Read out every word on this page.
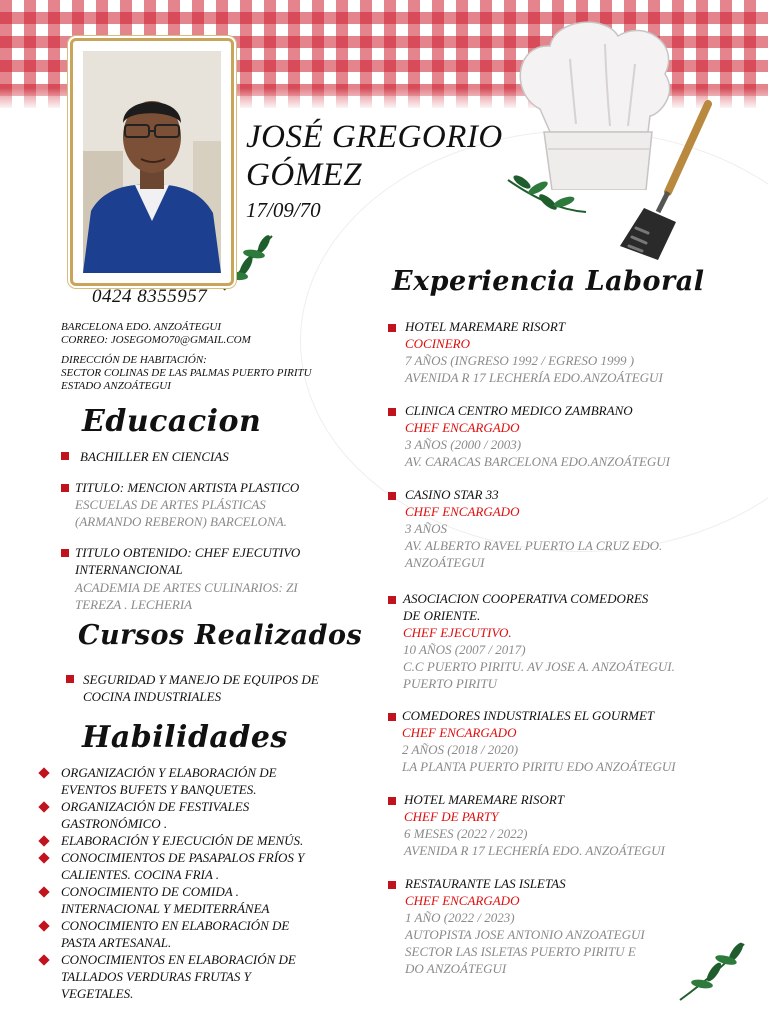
JOSÉ GREGORIO
GÓMEZ
17/09/70
0424 8355957
BARCELONA EDO. ANZOÁTEGUI
CORREO: JOSEGOMO70@GMAIL.COM
DIRECCIÓN DE HABITACIÓN:
SECTOR COLINAS DE LAS PALMAS PUERTO PIRITU
ESTADO ANZOÁTEGUI
Educacion
BACHILLER EN CIENCIAS
TITULO: MENCION ARTISTA PLASTICO
ESCUELAS DE ARTES PLÁSTICAS
(ARMANDO REBERON) BARCELONA.
TITULO OBTENIDO: CHEF EJECUTIVO
INTERNANCIONAL
ACADEMIA DE ARTES CULINARIOS: ZI
TEREZA . LECHERIA
Cursos Realizados
SEGURIDAD Y MANEJO DE EQUIPOS DE
COCINA INDUSTRIALES
Habilidades
ORGANIZACIÓN Y ELABORACIÓN DE
EVENTOS BUFETS Y BANQUETES.
ORGANIZACIÓN DE FESTIVALES
GASTRONÓMICO .
ELABORACIÓN Y EJECUCIÓN DE MENÚS.
CONOCIMIENTOS DE PASAPALOS FRÍOS Y
CALIENTES. COCINA FRIA .
CONOCIMIENTO DE COMIDA .
INTERNACIONAL Y MEDITERRÁNEA
CONOCIMIENTO EN ELABORACIÓN DE
PASTA ARTESANAL.
CONOCIMIENTOS EN ELABORACIÓN DE
TALLADOS VERDURAS FRUTAS Y
VEGETALES.
Experiencia Laboral
HOTEL MAREMARE RISORT
COCINERO
7 AÑOS (INGRESO 1992 / EGRESO 1999 )
AVENIDA R 17 LECHERÍA EDO.ANZOÁTEGUI
CLINICA CENTRO MEDICO ZAMBRANO
CHEF ENCARGADO
3 AÑOS (2000 / 2003)
AV. CARACAS BARCELONA EDO.ANZOÁTEGUI
CASINO STAR 33
CHEF ENCARGADO
3 AÑOS
AV. ALBERTO RAVEL PUERTO LA CRUZ EDO.
ANZOÁTEGUI
ASOCIACION COOPERATIVA COMEDORES
DE ORIENTE.
CHEF EJECUTIVO.
10 AÑOS (2007 / 2017)
C.C PUERTO PIRITU. AV JOSE A. ANZOÁTEGUI.
PUERTO PIRITU
COMEDORES INDUSTRIALES EL GOURMET
CHEF ENCARGADO
2 AÑOS (2018 / 2020)
LA PLANTA PUERTO PIRITU EDO ANZOÁTEGUI
HOTEL MAREMARE RISORT
CHEF DE PARTY
6 MESES (2022 / 2022)
AVENIDA R 17 LECHERÍA EDO. ANZOÁTEGUI
RESTAURANTE LAS ISLETAS
CHEF ENCARGADO
1 AÑO (2022 / 2023)
AUTOPISTA JOSE ANTONIO ANZOATEGUI
SECTOR LAS ISLETAS PUERTO PIRITU E
DO ANZOÁTEGUI
